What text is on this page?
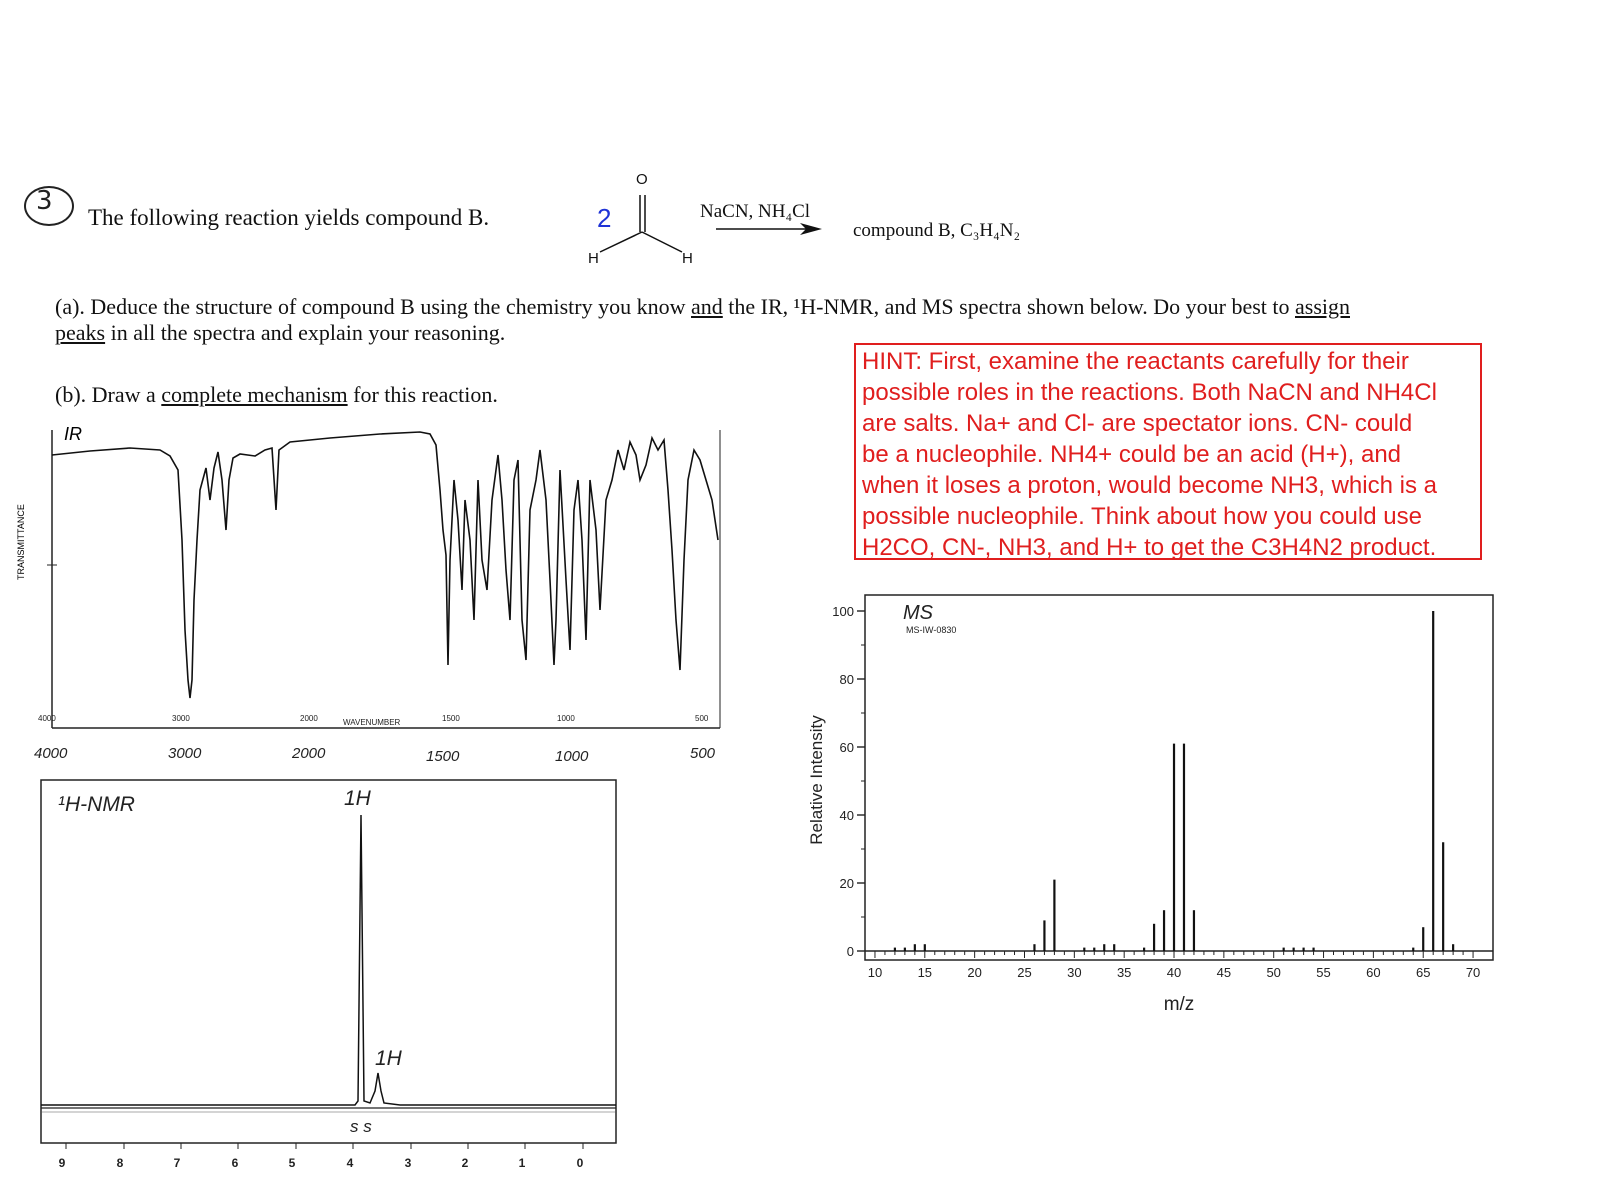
3
The following reaction yields compound B.	2
O
H	H
NaCN, NH₄Cl
compound B, C₃H₄N₂
(a). Deduce the structure of compound B using the chemistry you know and the IR, ¹H-NMR, and MS spectra shown below. Do your best to assign
peaks in all the spectra and explain your reasoning.
(b). Draw a complete mechanism for this reaction.
HINT: First, examine the reactants carefully for their
possible roles in the reactions. Both NaCN and NH4Cl
are salts. Na+ and Cl- are spectator ions. CN- could
be a nucleophile. NH4+ could be an acid (H+), and
when it loses a proton, would become NH3, which is a
possible nucleophile. Think about how you could use
H2CO, CN-, NH3, and H+ to get the C3H4N2 product.
IR
TRANSMITTANCE
4000	3000	2000	WAVENUMBER	1500	1000	500
4000	3000	2000	1500	1000	500
9	8	7	6	5	4	3	2	1	0
¹H-NMR	1H
1H
s s
0
20
40
60
80
100
10	15	20	25	30	35	40	45	50	55	60	65	70
MS
MS-IW-0830
Relative Intensity
m/z
